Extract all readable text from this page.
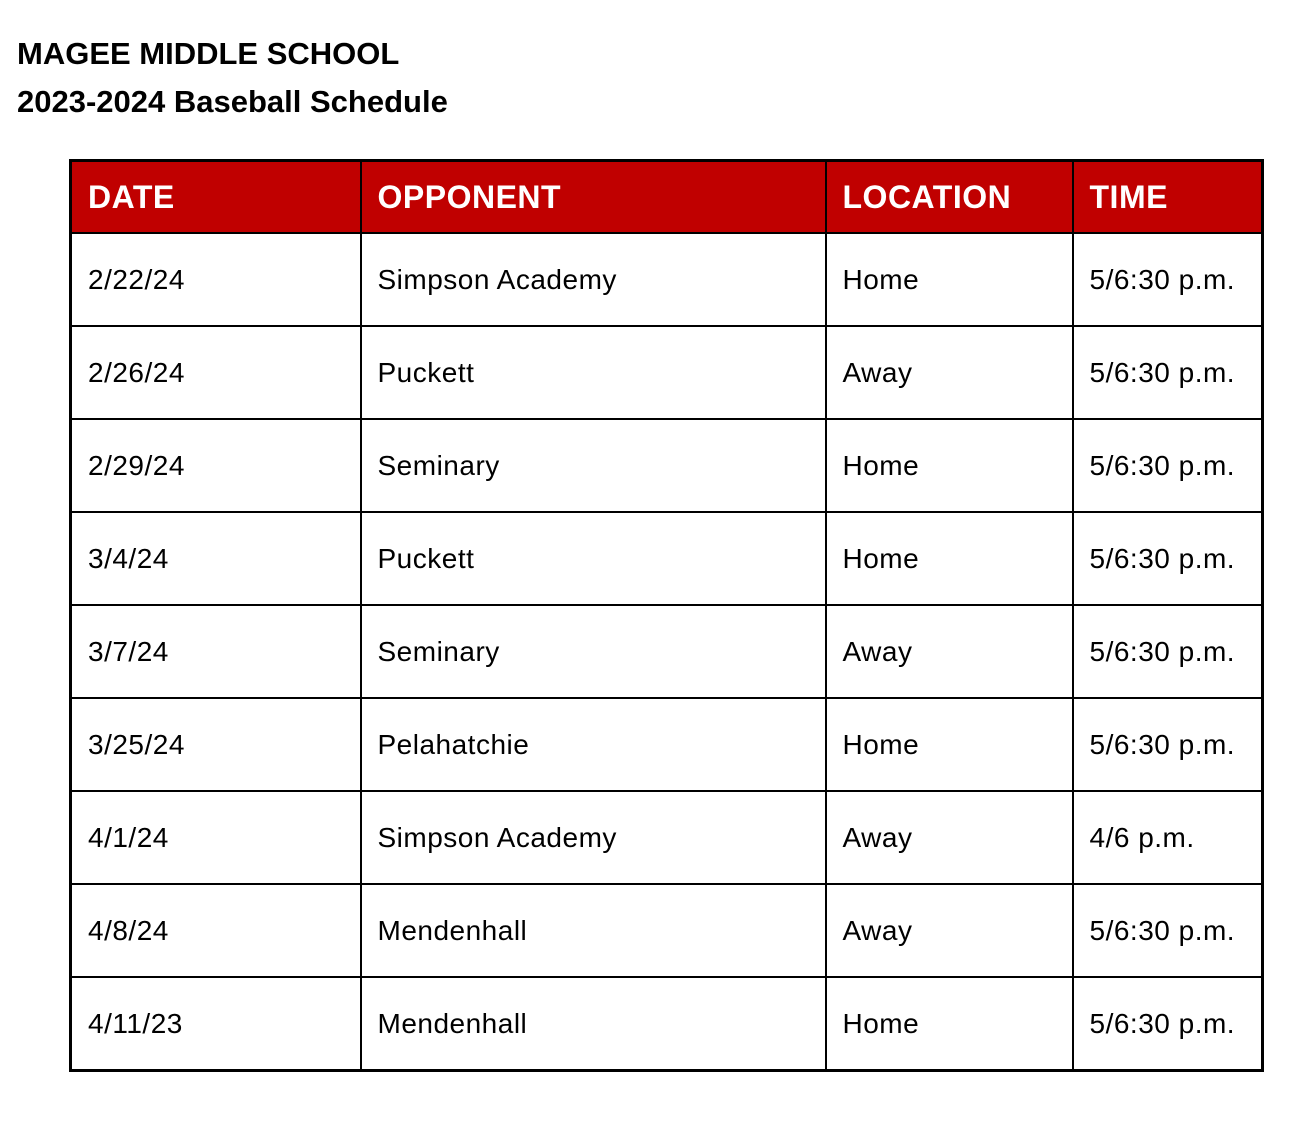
MAGEE MIDDLE SCHOOL
2023-2024 Baseball Schedule
DATE	OPPONENT	LOCATION	TIME
2/22/24	Simpson Academy	Home	5/6:30 p.m.
2/26/24	Puckett	Away	5/6:30 p.m.
2/29/24	Seminary	Home	5/6:30 p.m.
3/4/24	Puckett	Home	5/6:30 p.m.
3/7/24	Seminary	Away	5/6:30 p.m.
3/25/24	Pelahatchie	Home	5/6:30 p.m.
4/1/24	Simpson Academy	Away	4/6 p.m.
4/8/24	Mendenhall	Away	5/6:30 p.m.
4/11/23	Mendenhall	Home	5/6:30 p.m.
